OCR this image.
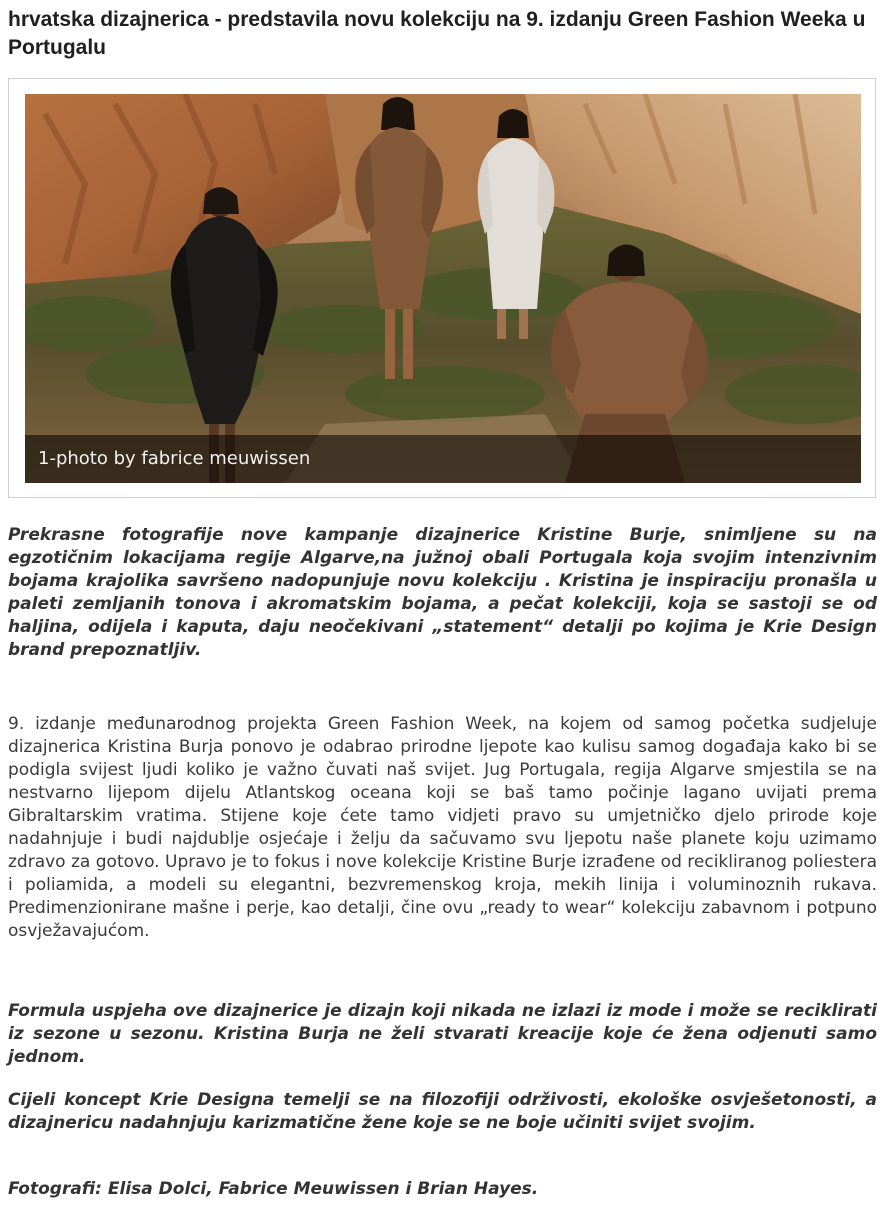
hrvatska dizajnerica - predstavila novu kolekciju na 9. izdanju Green Fashion Weeka u Portugalu
1-photo by fabrice meuwissen

Prekrasne fotografije nove kampanje dizajnerice Kristine Burje, snimljene su na egzotičnim lokacijama regije Algarve,na južnoj obali Portugala koja svojim intenzivnim bojama krajolika savršeno nadopunjuje novu kolekciju . Kristina je inspiraciju pronašla u paleti zemljanih tonova i akromatskim bojama, a pečat kolekciji, koja se sastoji se od haljina, odijela i kaputa, daju neočekivani „statement“ detalji po kojima je Krie Design brand prepoznatljiv.

9. izdanje međunarodnog projekta Green Fashion Week, na kojem od samog početka sudjeluje dizajnerica Kristina Burja ponovo je odabrao prirodne ljepote kao kulisu samog događaja kako bi se podigla svijest ljudi koliko je važno čuvati naš svijet. Jug Portugala, regija Algarve smjestila se na nestvarno lijepom dijelu Atlantskog oceana koji se baš tamo počinje lagano uvijati prema Gibraltarskim vratima. Stijene koje ćete tamo vidjeti pravo su umjetničko djelo prirode koje nadahnjuje i budi najdublje osjećaje i želju da sačuvamo svu ljepotu naše planete koju uzimamo zdravo za gotovo. Upravo je to fokus i nove kolekcije Kristine Burje izrađene od recikliranog poliestera i poliamida, a modeli su elegantni, bezvremenskog kroja, mekih linija i voluminoznih rukava. Predimenzionirane mašne i perje, kao detalji, čine ovu „ready to wear“ kolekciju zabavnom i potpuno osvježavajućom.

Formula uspjeha ove dizajnerice je dizajn koji nikada ne izlazi iz mode i može se reciklirati iz sezone u sezonu. Kristina Burja ne želi stvarati kreacije koje će žena odjenuti samo jednom.

Cijeli koncept Krie Designa temelji se na filozofiji održivosti, ekološke osvješetonosti, a dizajnericu nadahnjuju karizmatične žene koje se ne boje učiniti svijet svojim.

Fotografi: Elisa Dolci, Fabrice Meuwissen i Brian Hayes.
